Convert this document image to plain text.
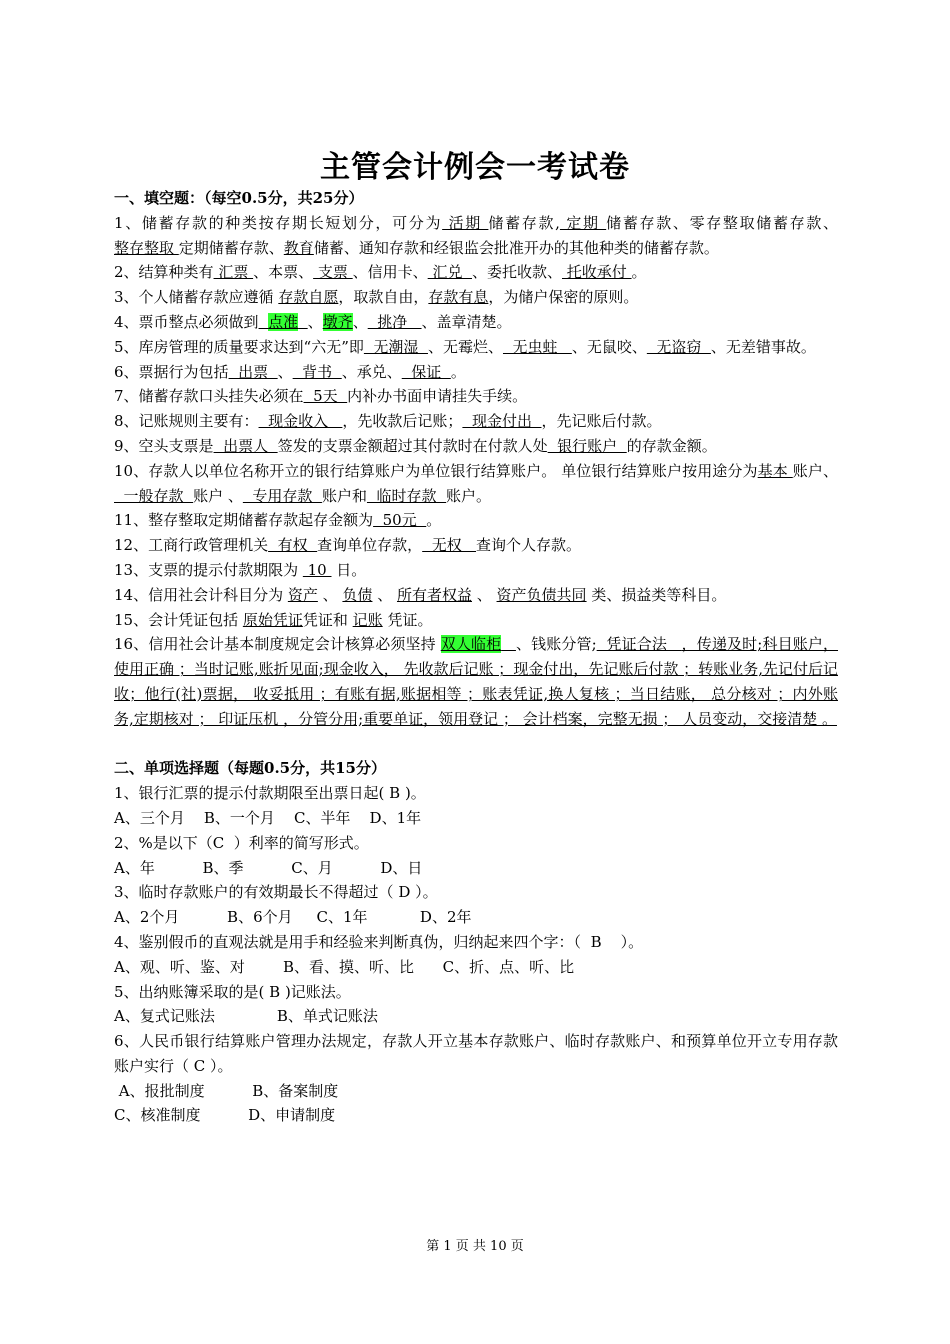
主管会计例会一考试卷
一、填空题：（每空0.5分，共25分）
1、储蓄存款的种类按存期长短划分，可分为 活期 储蓄存款, 定期 储蓄存款、零存整取储蓄存款、整存整取 定期储蓄存款、教育储蓄、通知存款和经银监会批准开办的其他种类的储蓄存款。
2、结算种类有 汇票 、本票、 支票 、信用卡、 汇兑  、委托收款、 托收承付 。
3、个人储蓄存款应遵循 存款自愿，取款自由，存款有息，为储户保密的原则。
4、票币整点必须做到 点准 、墩齐、  挑净   、盖章清楚。
5、库房管理的质量要求达到“六无”即  无潮湿  、无霉烂、  无虫蛀   、无鼠咬、  无盗窃  、无差错事故。
6、票据行为包括  出票  、  背书  、承兑、  保证  。
7、储蓄存款口头挂失必须在  5天  内补办书面申请挂失手续。
8、记账规则主要有：  现金收入   ，先收款后记账；  现金付出  ，先记账后付款。
9、空头支票是  出票人  签发的支票金额超过其付款时在付款人处  银行账户  的存款金额。
10、存款人以单位名称开立的银行结算账户为单位银行结算账户。 单位银行结算账户按用途分为基本 账户、  一般存款  账户 、  专用存款  账户和  临时存款  账户。
11、整存整取定期储蓄存款起存金额为  50元  。
12、工商行政管理机关  有权  查询单位存款，  无权   查询个人存款。
13、支票的提示付款期限为  10  日。
14、信用社会计科目分为 资产 、 负债 、 所有者权益 、 资产负债共同 类、损益类等科目。
15、会计凭证包括 原始凭证凭证和 记账 凭证。
16、信用社会计基本制度规定会计核算必须坚持 双人临柜 、钱账分管;  凭证合法   ，传递及时;科目账户，使用正确 ；当时记账,账折见面;现金收入， 先收款后记账 ；现金付出，先记账后付款 ；转账业务,先记付后记收；他行(社)票据， 收妥抵用 ；有账有据,账据相等 ；账表凭证,换人复核 ；当日结账， 总分核对 ；内外账务,定期核对 ； 印证压机 ，分管分用;重要单证，领用登记 ； 会计档案，完整无损 ； 人员变动，交接清楚 。
二、单项选择题（每题0.5分，共15分）
1、银行汇票的提示付款期限至出票日起( B )。
A、三个月    B、一个月    C、半年    D、1年
2、%是以下（C  ）利率的简写形式。
A、年          B、季          C、月          D、日
3、临时存款账户的有效期最长不得超过（ D ）。
A、2个月          B、6个月     C、1年           D、2年
4、鉴别假币的直观法就是用手和经验来判断真伪，归纳起来四个字：（  B    ）。
A、观、听、鉴、对        B、看、摸、听、比      C、折、点、听、比
5、出纳账簿采取的是( B )记账法。
A、复式记账法             B、单式记账法
6、人民币银行结算账户管理办法规定，存款人开立基本存款账户、临时存款账户、和预算单位开立专用存款账户实行（ C ）。
A、报批制度          B、备案制度
C、核准制度          D、申请制度
第 1 页 共 10 页
